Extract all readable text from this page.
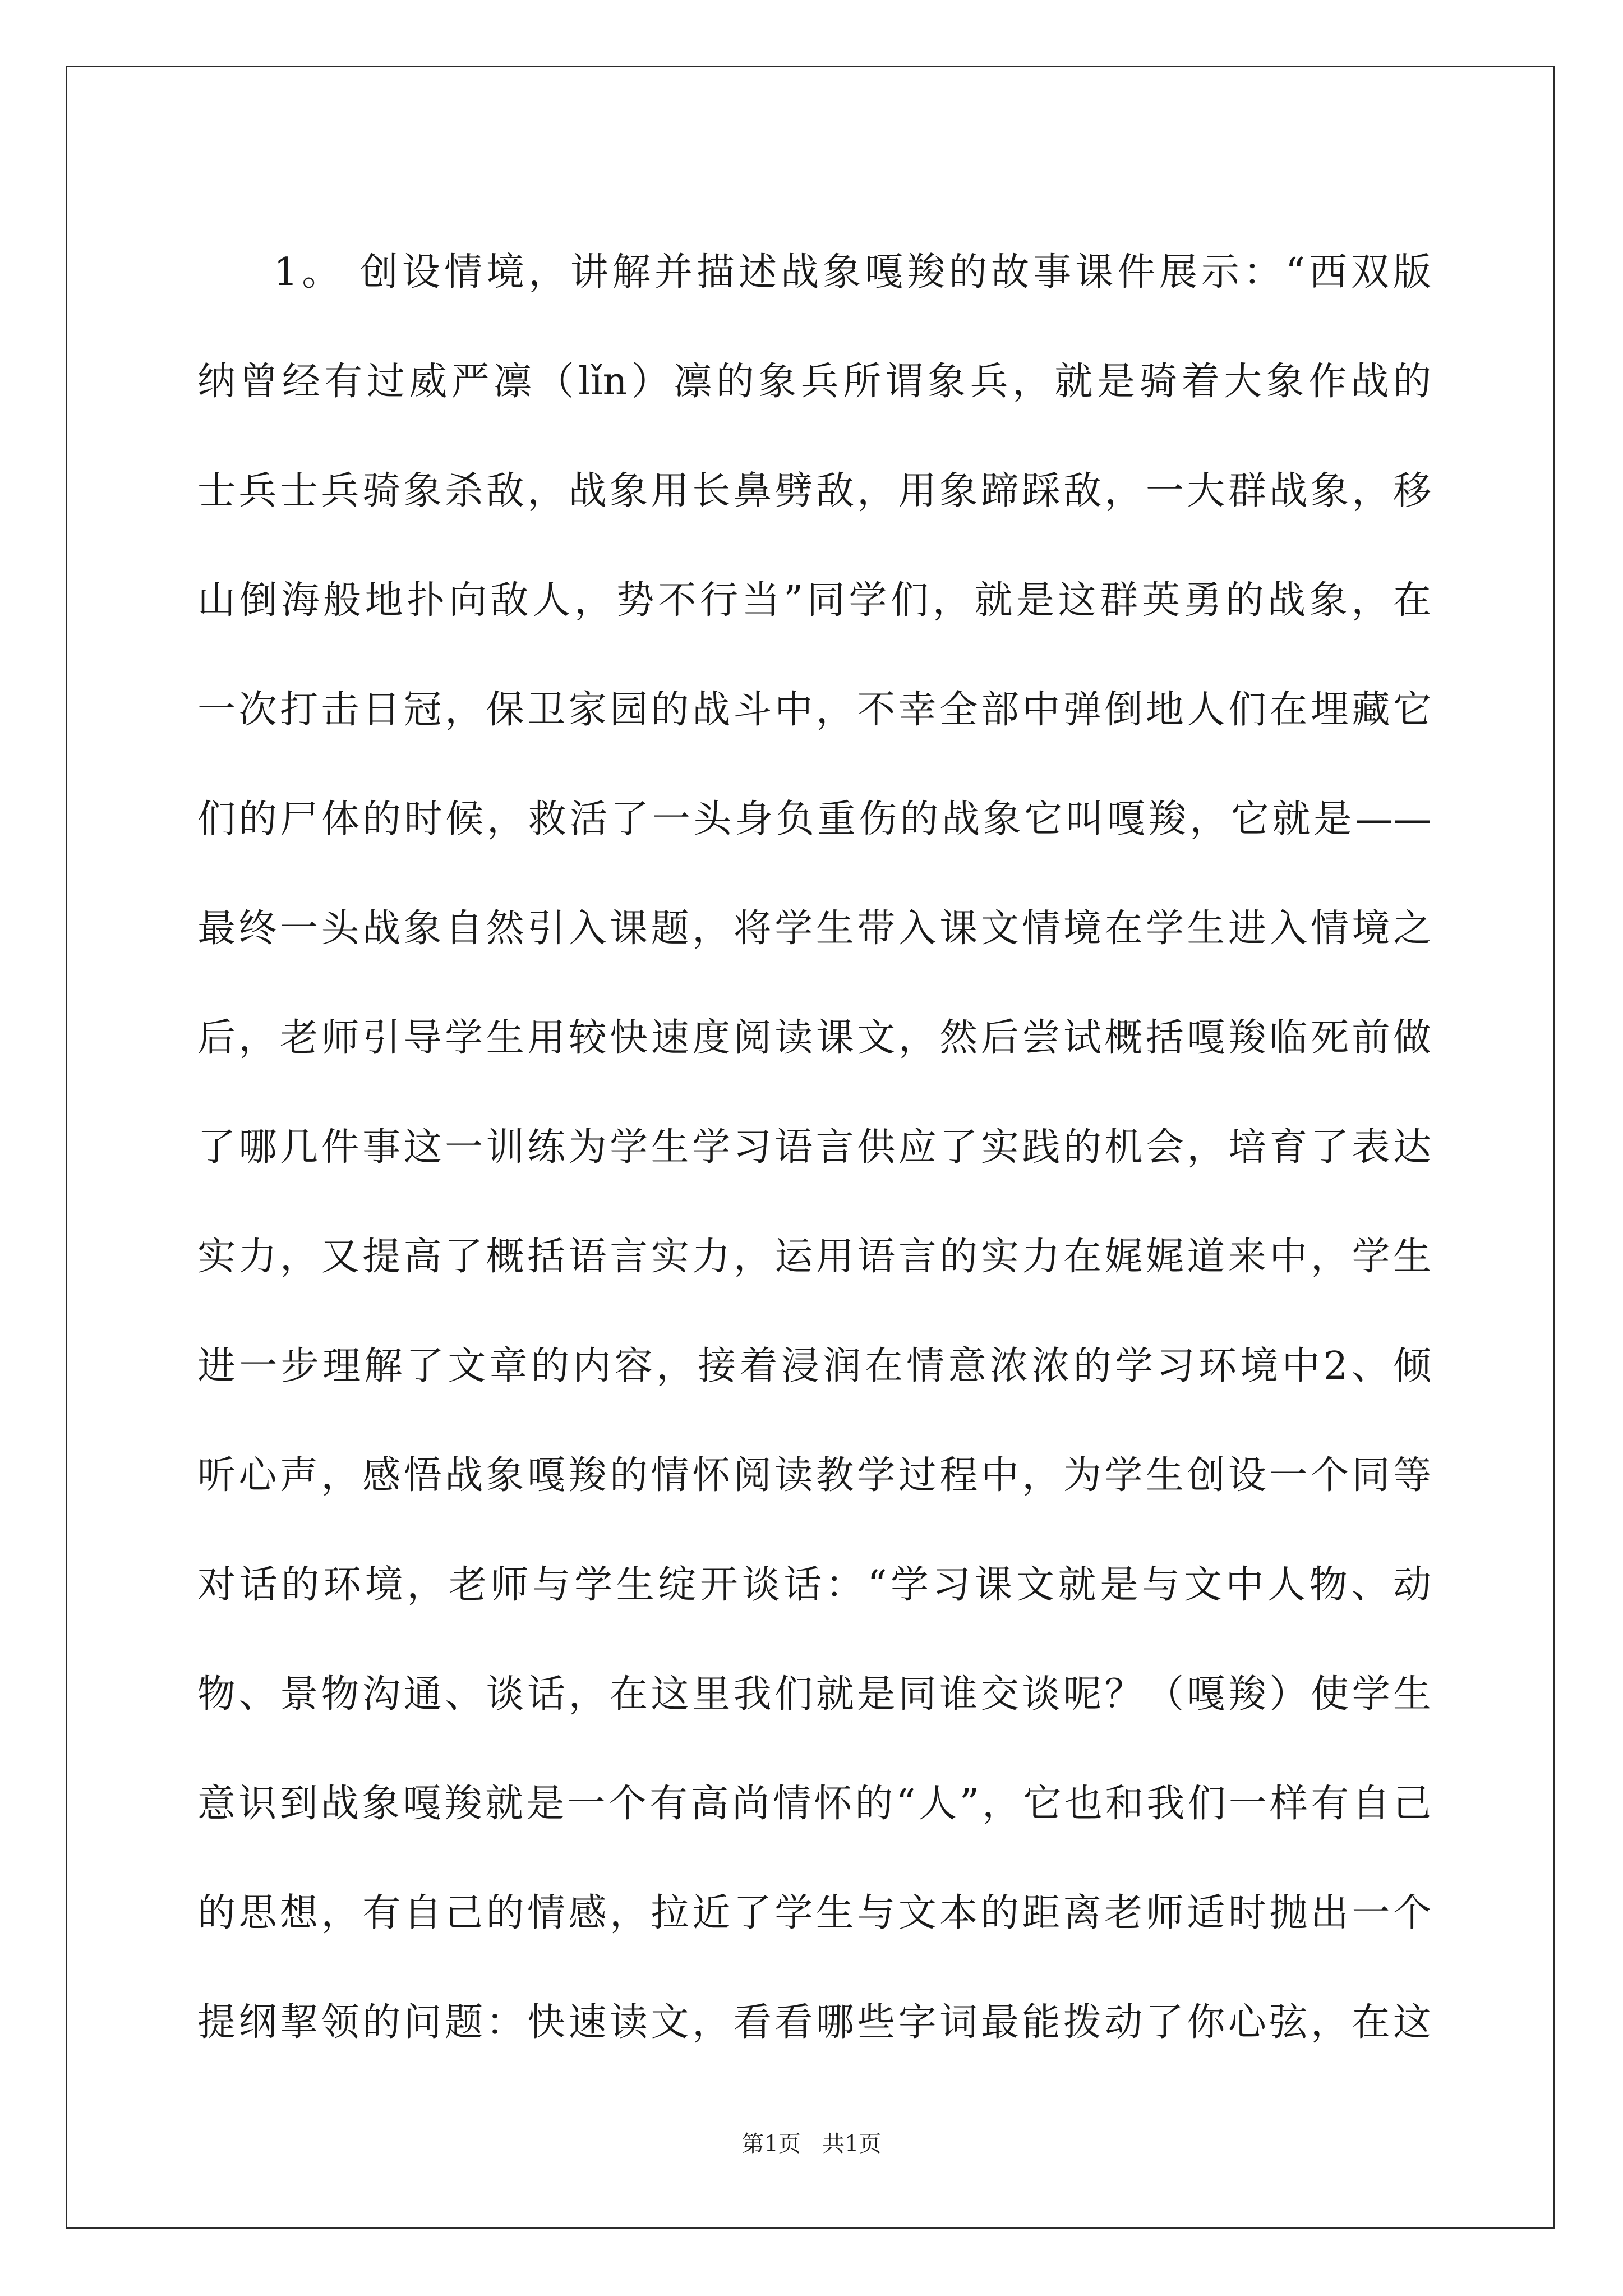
1。 创设情境，讲解并描述战象嘎羧的故事课件展示：“西双版
纳曾经有过威严凛（lǐn）凛的象兵所谓象兵，就是骑着大象作战的
士兵士兵骑象杀敌，战象用长鼻劈敌，用象蹄踩敌，一大群战象，移
山倒海般地扑向敌人，势不行当”同学们，就是这群英勇的战象，在
一次打击日冠，保卫家园的战斗中，不幸全部中弹倒地人们在埋藏它
们的尸体的时候，救活了一头身负重伤的战象它叫嘎羧，它就是——
最终一头战象自然引入课题，将学生带入课文情境在学生进入情境之
后，老师引导学生用较快速度阅读课文，然后尝试概括嘎羧临死前做
了哪几件事这一训练为学生学习语言供应了实践的机会，培育了表达
实力，又提高了概括语言实力，运用语言的实力在娓娓道来中，学生
进一步理解了文章的内容，接着浸润在情意浓浓的学习环境中2、倾
听心声，感悟战象嘎羧的情怀阅读教学过程中，为学生创设一个同等
对话的环境，老师与学生绽开谈话：“学习课文就是与文中人物、动
物、景物沟通、谈话，在这里我们就是同谁交谈呢？（嘎羧）使学生
意识到战象嘎羧就是一个有高尚情怀的“人”，它也和我们一样有自己
的思想，有自己的情感，拉近了学生与文本的距离老师适时抛出一个
提纲挈领的问题：快速读文，看看哪些字词最能拨动了你心弦，在这
第1页   共1页
